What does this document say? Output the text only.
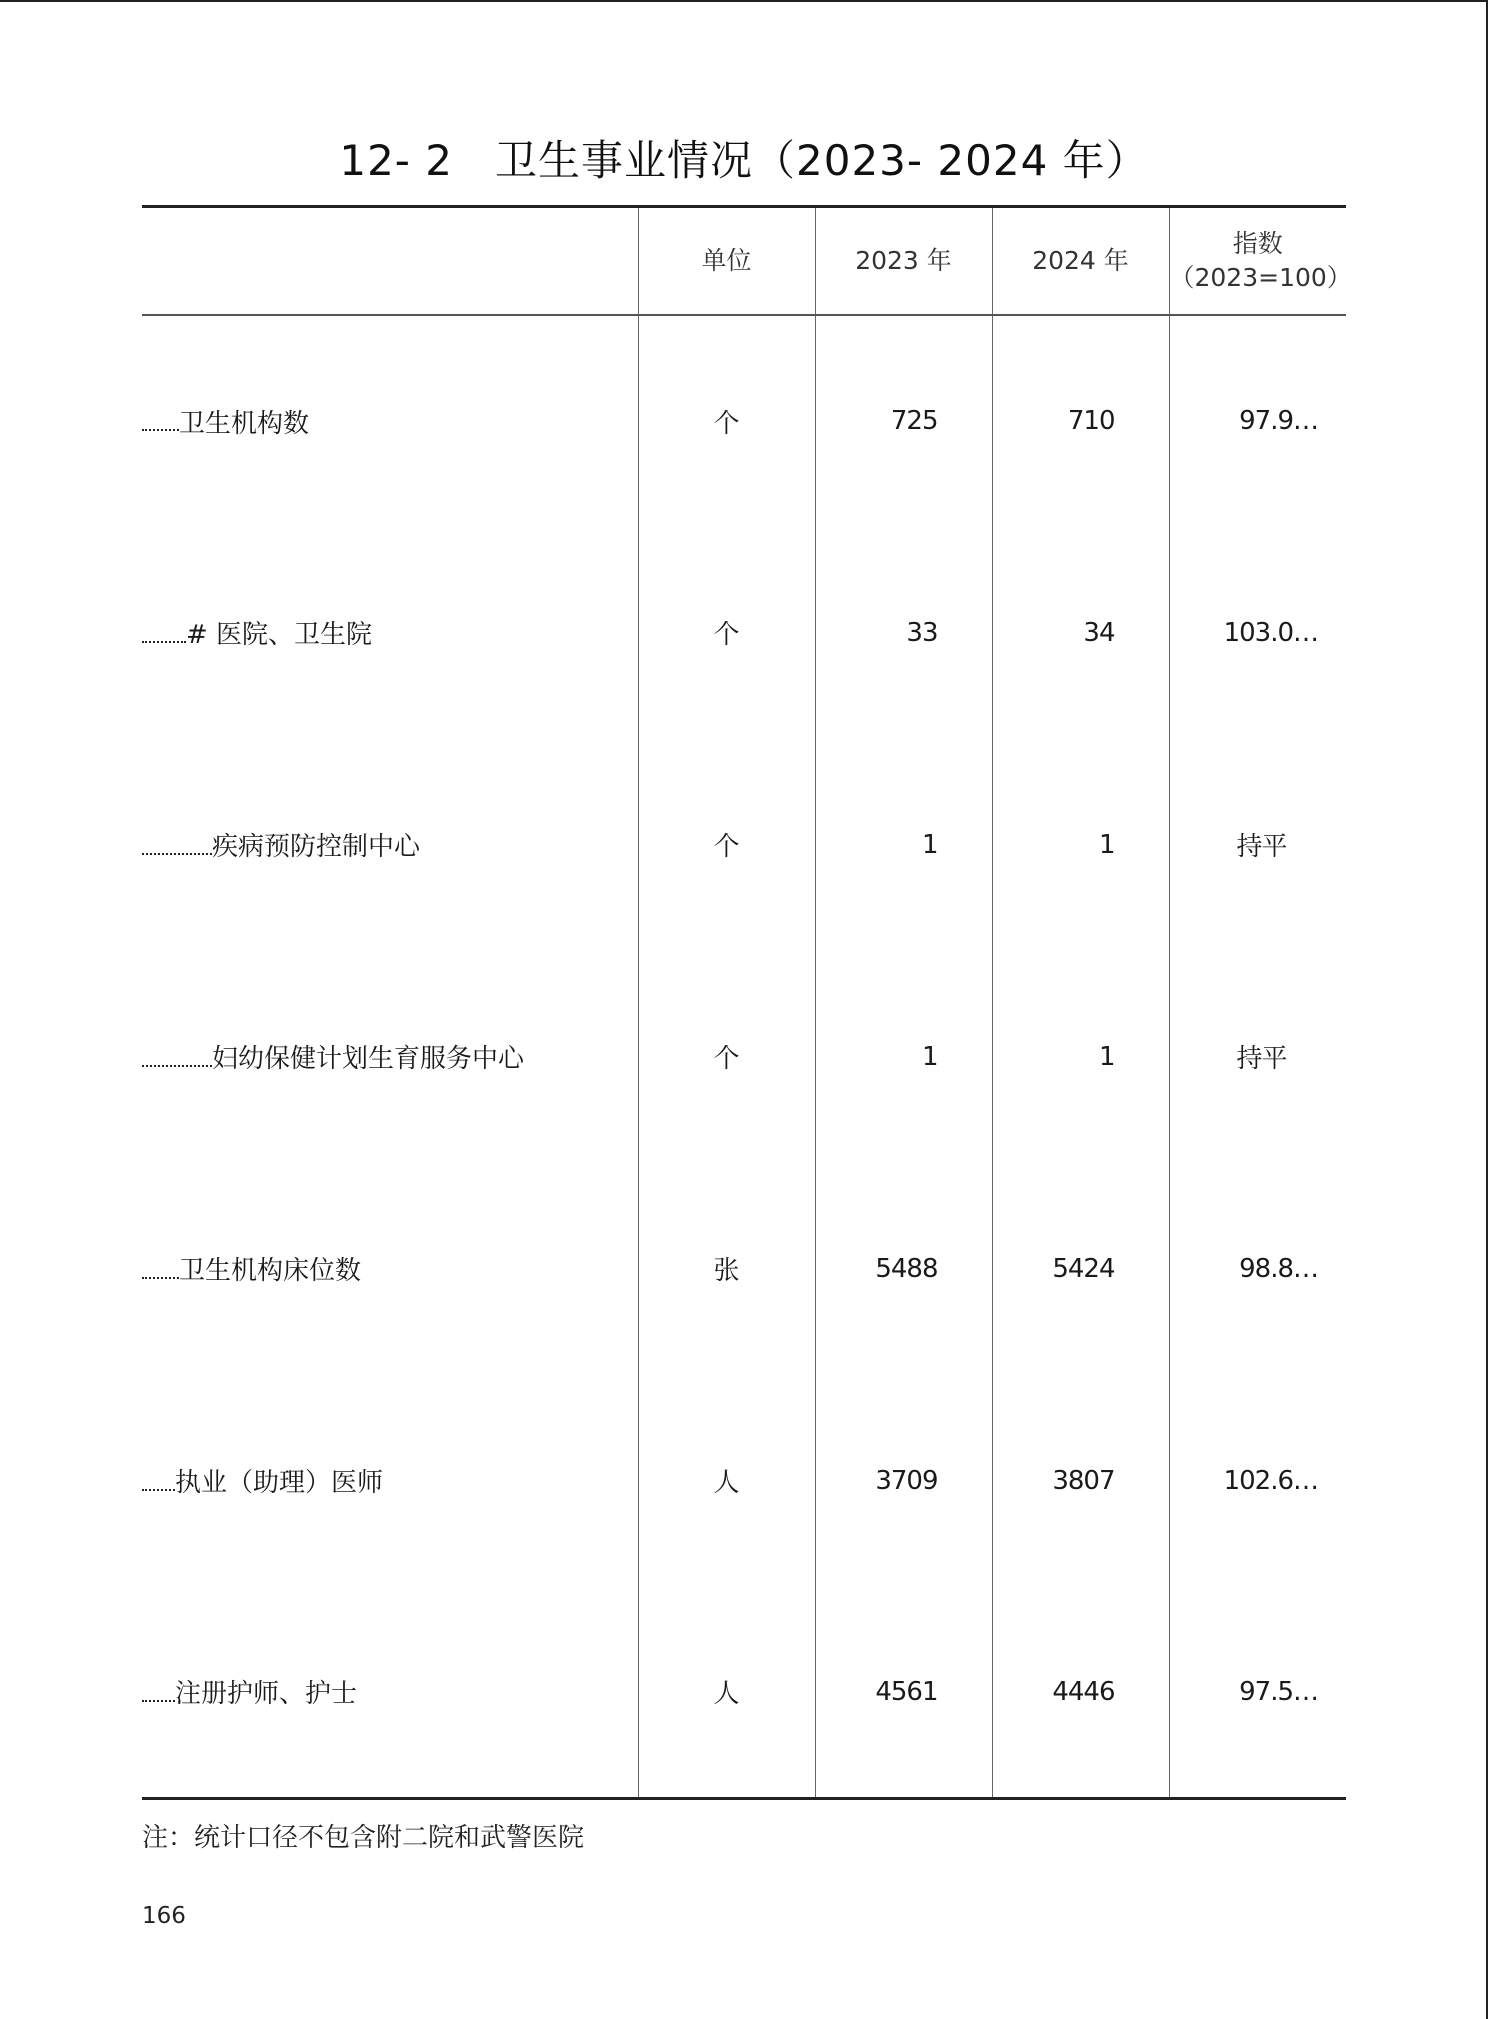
12- 2 卫生事业情况（2023- 2024 年）
	单位	2023 年	2024 年	指数
（2023=100）

卫生机构数	个	725	710	97.9…
# 医院、卫生院	个	33	34	103.0…
疾病预防控制中心	个	1	1	持平
妇幼保健计划生育服务中心	个	1	1	持平
卫生机构床位数	张	5488	5424	98.8…
执业（助理）医师	人	3709	3807	102.6…
注册护师、护士	人	4561	4446	97.5…
注：统计口径不包含附二院和武警医院
166
